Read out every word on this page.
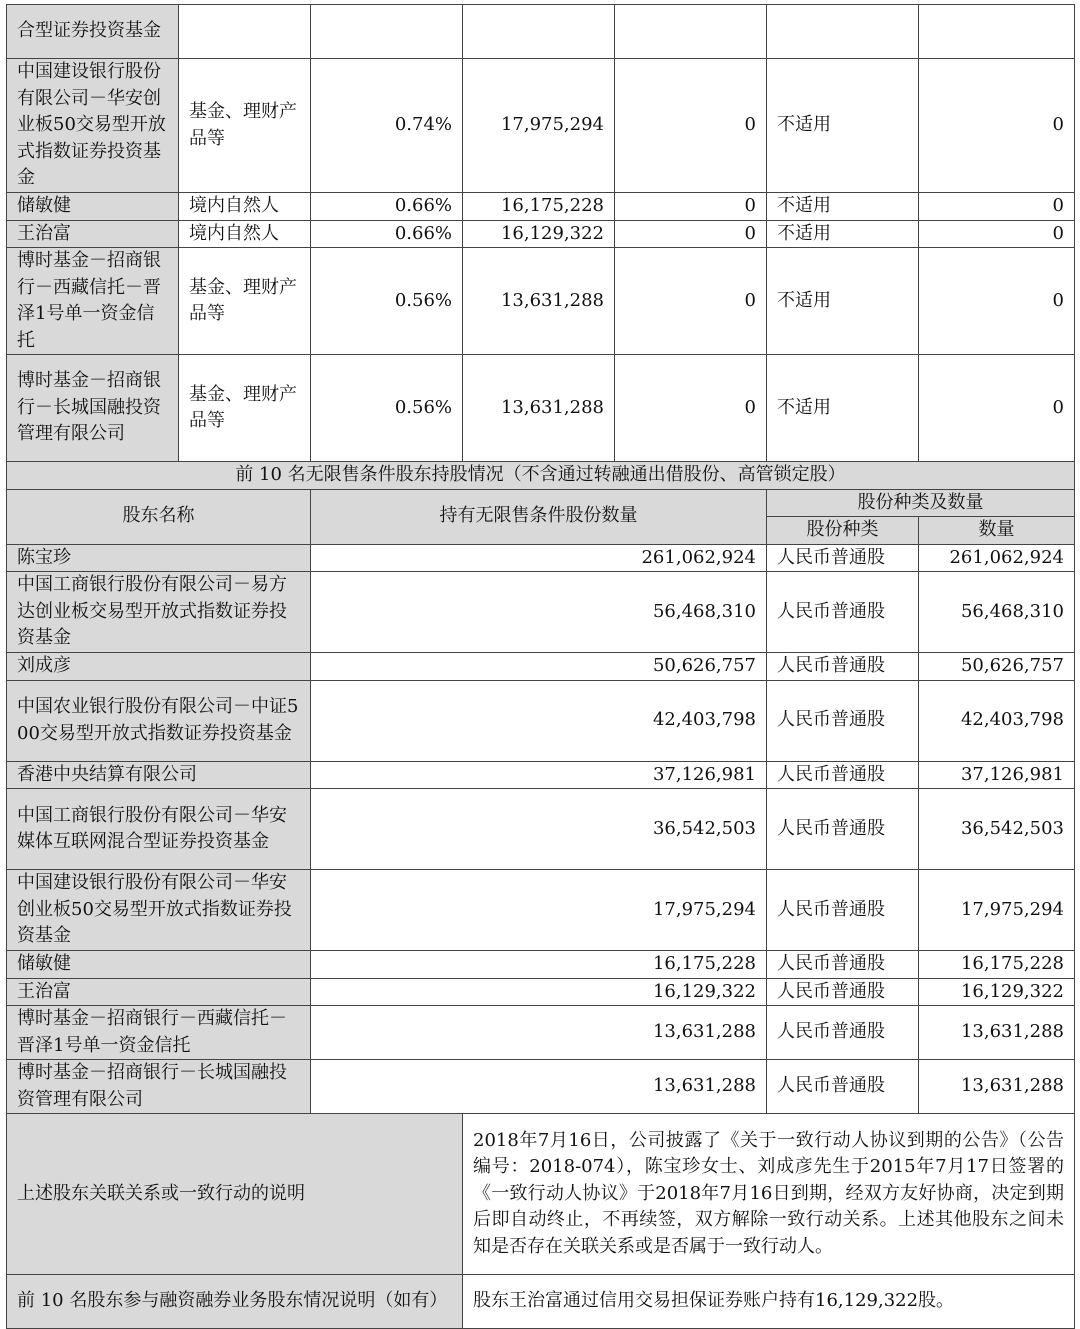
合型证券投资基金						
中国建设银行股份有限公司－华安创业板50交易型开放式指数证券投资基金	基金、理财产品等	0.74%	17,975,294	0	不适用	0
储敏健	境内自然人	0.66%	16,175,228	0	不适用	0
王治富	境内自然人	0.66%	16,129,322	0	不适用	0
博时基金－招商银行－西藏信托－晋泽1号单一资金信托	基金、理财产品等	0.56%	13,631,288	0	不适用	0
博时基金－招商银行－长城国融投资管理有限公司	基金、理财产品等	0.56%	13,631,288	0	不适用	0
前 10 名无限售条件股东持股情况（不含通过转融通出借股份、高管锁定股）						
股东名称		持有无限售条件股份数量			股份种类及数量	
					股份种类	数量
陈宝珍		261,062,924			人民币普通股	261,062,924
中国工商银行股份有限公司－易方达创业板交易型开放式指数证券投资基金		56,468,310			人民币普通股	56,468,310
刘成彦		50,626,757			人民币普通股	50,626,757
中国农业银行股份有限公司－中证500交易型开放式指数证券投资基金		42,403,798			人民币普通股	42,403,798
香港中央结算有限公司		37,126,981			人民币普通股	37,126,981
中国工商银行股份有限公司－华安媒体互联网混合型证券投资基金		36,542,503			人民币普通股	36,542,503
中国建设银行股份有限公司－华安创业板50交易型开放式指数证券投资基金		17,975,294			人民币普通股	17,975,294
储敏健		16,175,228			人民币普通股	16,175,228
王治富		16,129,322			人民币普通股	16,129,322
博时基金－招商银行－西藏信托－晋泽1号单一资金信托		13,631,288			人民币普通股	13,631,288
博时基金－招商银行－长城国融投资管理有限公司		13,631,288			人民币普通股	13,631,288
上述股东关联关系或一致行动的说明			2018年7月16日，公司披露了《关于一致行动人协议到期的公告》（公告编号：2018-074），陈宝珍女士、刘成彦先生于2015年7月17日签署的《一致行动人协议》于2018年7月16日到期，经双方友好协商，决定到期后即自动终止，不再续签，双方解除一致行动关系。上述其他股东之间未知是否存在关联关系或是否属于一致行动人。			
前 10 名股东参与融资融券业务股东情况说明（如有）			股东王治富通过信用交易担保证券账户持有16,129,322股。			
